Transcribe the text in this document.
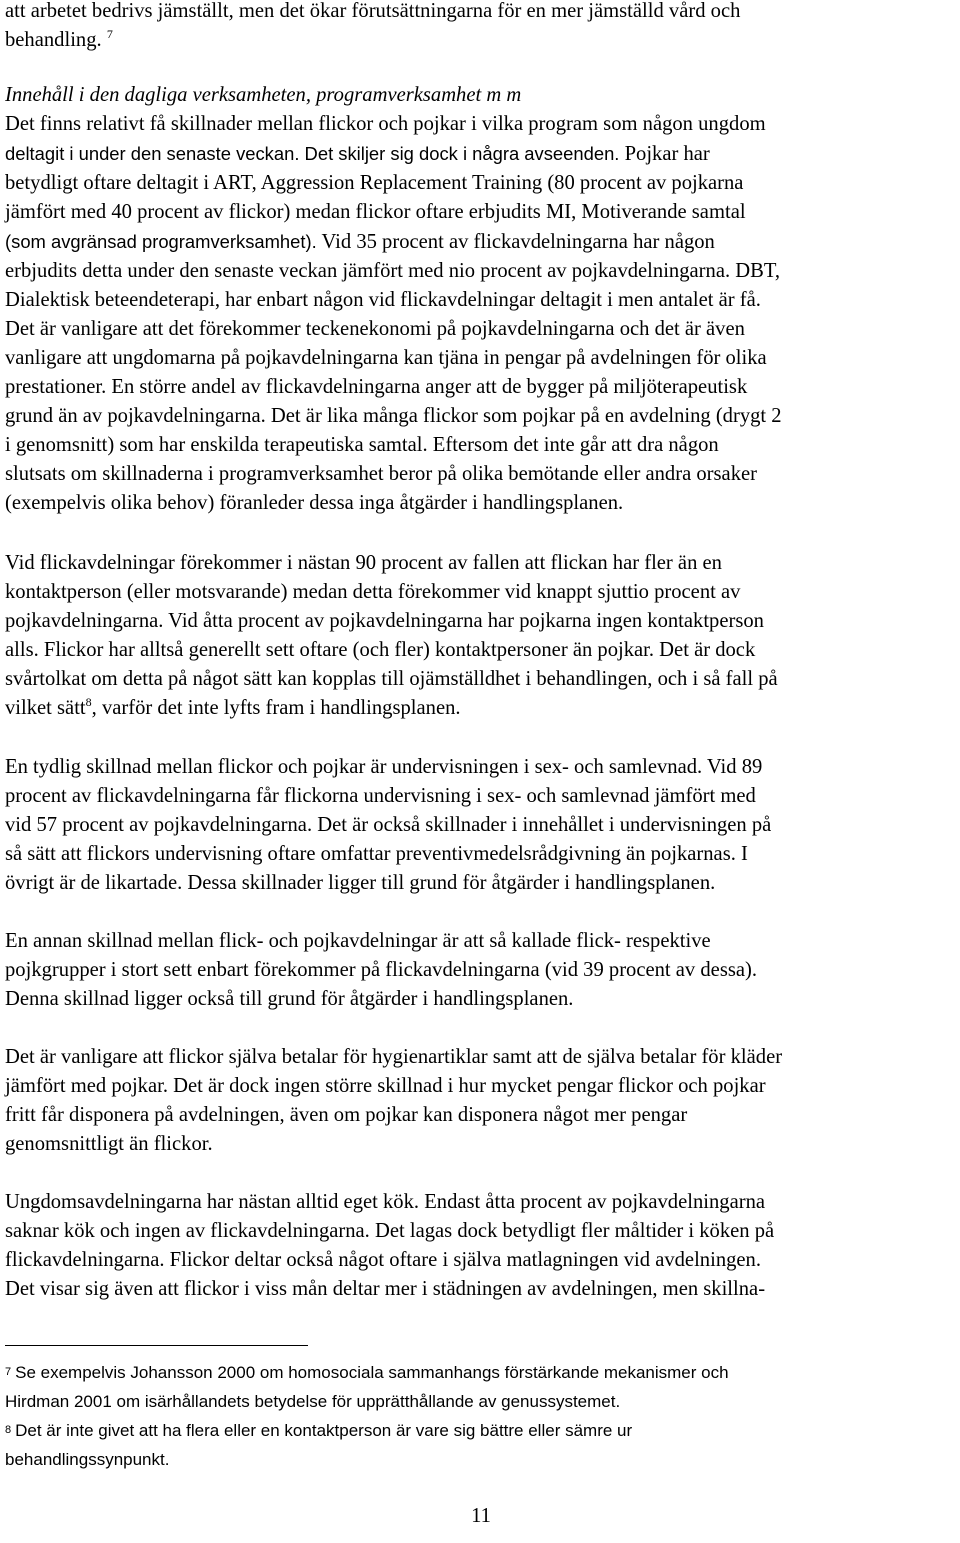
att arbetet bedrivs jämställt, men det ökar förutsättningarna för en mer jämställd vård och
behandling. $^7$
Innehåll i den dagliga verksamheten, programverksamhet m m
Det finns relativt få skillnader mellan flickor och pojkar i vilka program som någon ungdom
deltagit i under den senaste veckan. Det skiljer sig dock i några avseenden. Pojkar har
betydligt oftare deltagit i ART, Aggression Replacement Training (80 procent av pojkarna
jämfört med 40 procent av flickor) medan flickor oftare erbjudits MI, Motiverande samtal
(som avgränsad programverksamhet). Vid 35 procent av flickavdelningarna har någon
erbjudits detta under den senaste veckan jämfört med nio procent av pojkavdelningarna. DBT,
Dialektisk beteendeterapi, har enbart någon vid flickavdelningar deltagit i men antalet är få.
Det är vanligare att det förekommer teckenekonomi på pojkavdelningarna och det är även
vanligare att ungdomarna på pojkavdelningarna kan tjäna in pengar på avdelningen för olika
prestationer. En större andel av flickavdelningarna anger att de bygger på miljöterapeutisk
grund än av pojkavdelningarna. Det är lika många flickor som pojkar på en avdelning (drygt 2
i genomsnitt) som har enskilda terapeutiska samtal. Eftersom det inte går att dra någon
slutsats om skillnaderna i programverksamhet beror på olika bemötande eller andra orsaker
(exempelvis olika behov) föranleder dessa inga åtgärder i handlingsplanen.
Vid flickavdelningar förekommer i nästan 90 procent av fallen att flickan har fler än en
kontaktperson (eller motsvarande) medan detta förekommer vid knappt sjuttio procent av
pojkavdelningarna. Vid åtta procent av pojkavdelningarna har pojkarna ingen kontaktperson
alls. Flickor har alltså generellt sett oftare (och fler) kontaktpersoner än pojkar. Det är dock
svårtolkat om detta på något sätt kan kopplas till ojämställdhet i behandlingen, och i så fall på
vilket sätt$^8$, varför det inte lyfts fram i handlingsplanen.
En tydlig skillnad mellan flickor och pojkar är undervisningen i sex- och samlevnad. Vid 89
procent av flickavdelningarna får flickorna undervisning i sex- och samlevnad jämfört med
vid 57 procent av pojkavdelningarna. Det är också skillnader i innehållet i undervisningen på
så sätt att flickors undervisning oftare omfattar preventivmedelsrådgivning än pojkarnas. I
övrigt är de likartade. Dessa skillnader ligger till grund för åtgärder i handlingsplanen.
En annan skillnad mellan flick- och pojkavdelningar är att så kallade flick- respektive
pojkgrupper i stort sett enbart förekommer på flickavdelningarna (vid 39 procent av dessa).
Denna skillnad ligger också till grund för åtgärder i handlingsplanen.
Det är vanligare att flickor själva betalar för hygienartiklar samt att de själva betalar för kläder
jämfört med pojkar. Det är dock ingen större skillnad i hur mycket pengar flickor och pojkar
fritt får disponera på avdelningen, även om pojkar kan disponera något mer pengar
genomsnittligt än flickor.
Ungdomsavdelningarna har nästan alltid eget kök. Endast åtta procent av pojkavdelningarna
saknar kök och ingen av flickavdelningarna. Det lagas dock betydligt fler måltider i köken på
flickavdelningarna. Flickor deltar också något oftare i själva matlagningen vid avdelningen.
Det visar sig även att flickor i viss mån deltar mer i städningen av avdelningen, men skillna-
7 Se exempelvis Johansson 2000 om homosociala sammanhangs förstärkande mekanismer och
Hirdman 2001 om isärhållandets betydelse för upprätthållande av genussystemet.
8 Det är inte givet att ha flera eller en kontaktperson är vare sig bättre eller sämre ur
behandlingssynpunkt.
11
